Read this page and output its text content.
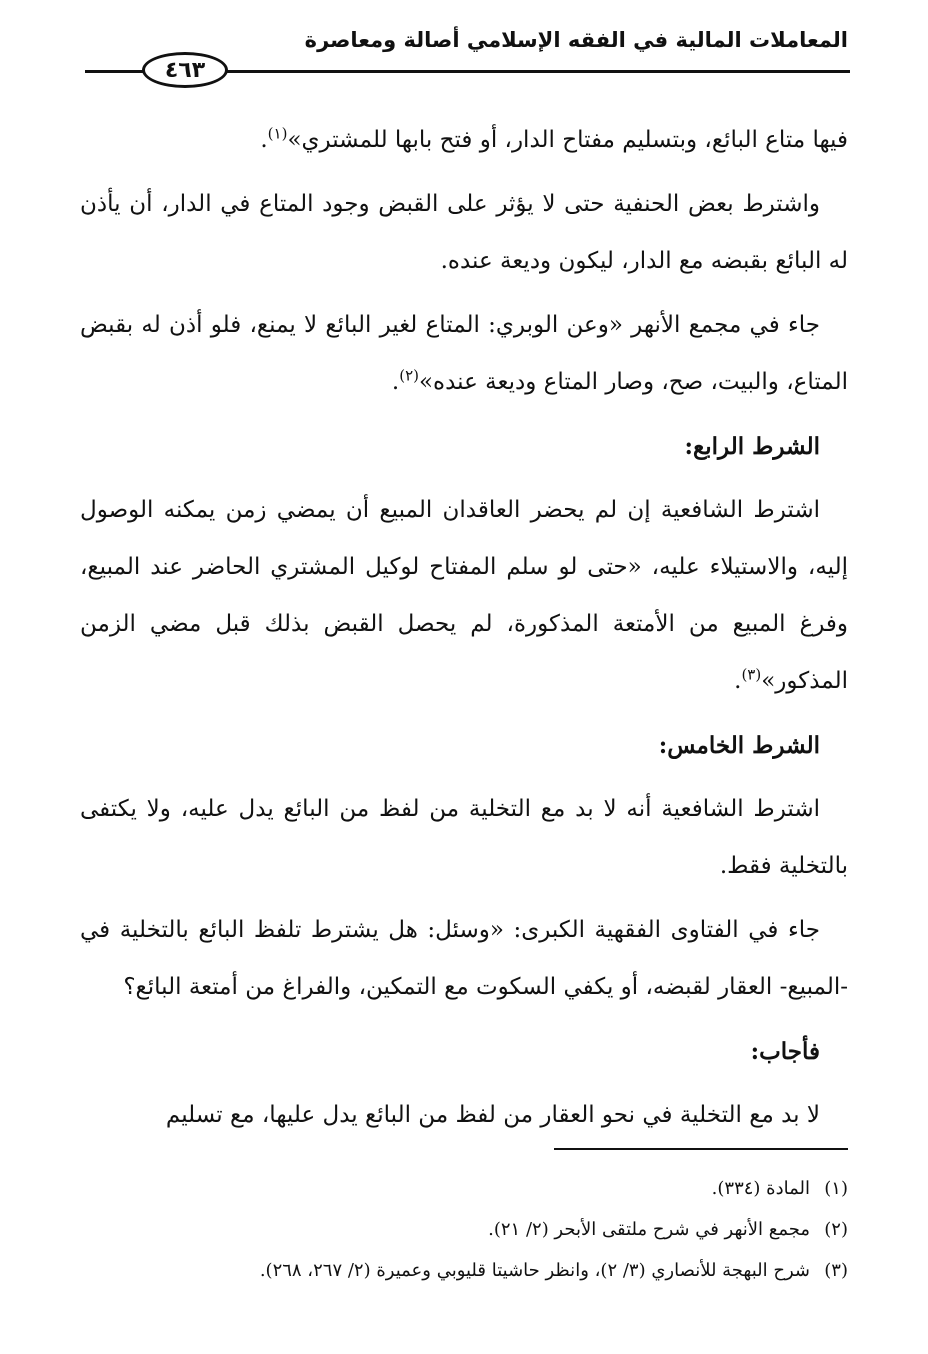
المعاملات المالية في الفقه الإسلامي أصالة ومعاصرة
٤٦٣

فيها متاع البائع، وبتسليم مفتاح الدار، أو فتح بابها للمشتري»$^{(١)}$.

واشترط بعض الحنفية حتى لا يؤثر على القبض وجود المتاع في الدار، أن يأذن له البائع بقبضه مع الدار، ليكون وديعة عنده.

جاء في مجمع الأنهر «وعن الوبري: المتاع لغير البائع لا يمنع، فلو أذن له بقبض المتاع، والبيت، صح، وصار المتاع وديعة عنده»$^{(٢)}$.

الشرط الرابع:

اشترط الشافعية إن لم يحضر العاقدان المبيع أن يمضي زمن يمكنه الوصول إليه، والاستيلاء عليه، «حتى لو سلم المفتاح لوكيل المشتري الحاضر عند المبيع، وفرغ المبيع من الأمتعة المذكورة، لم يحصل القبض بذلك قبل مضي الزمن المذكور»$^{(٣)}$.

الشرط الخامس:

اشترط الشافعية أنه لا بد مع التخلية من لفظ من البائع يدل عليه، ولا يكتفى بالتخلية فقط.

جاء في الفتاوى الفقهية الكبرى: «وسئل: هل يشترط تلفظ البائع بالتخلية في -المبيع- العقار لقبضه، أو يكفي السكوت مع التمكين، والفراغ من أمتعة البائع؟

فأجاب:

لا بد مع التخلية في نحو العقار من لفظ من البائع يدل عليها، مع تسليم

(١)
المادة (٣٣٤).
(٢)
مجمع الأنهر في شرح ملتقى الأبحر (٢/ ٢١).
(٣)
شرح البهجة للأنصاري (٣/ ٢)، وانظر حاشيتا قليوبي وعميرة (٢/ ٢٦٧، ٢٦٨).
